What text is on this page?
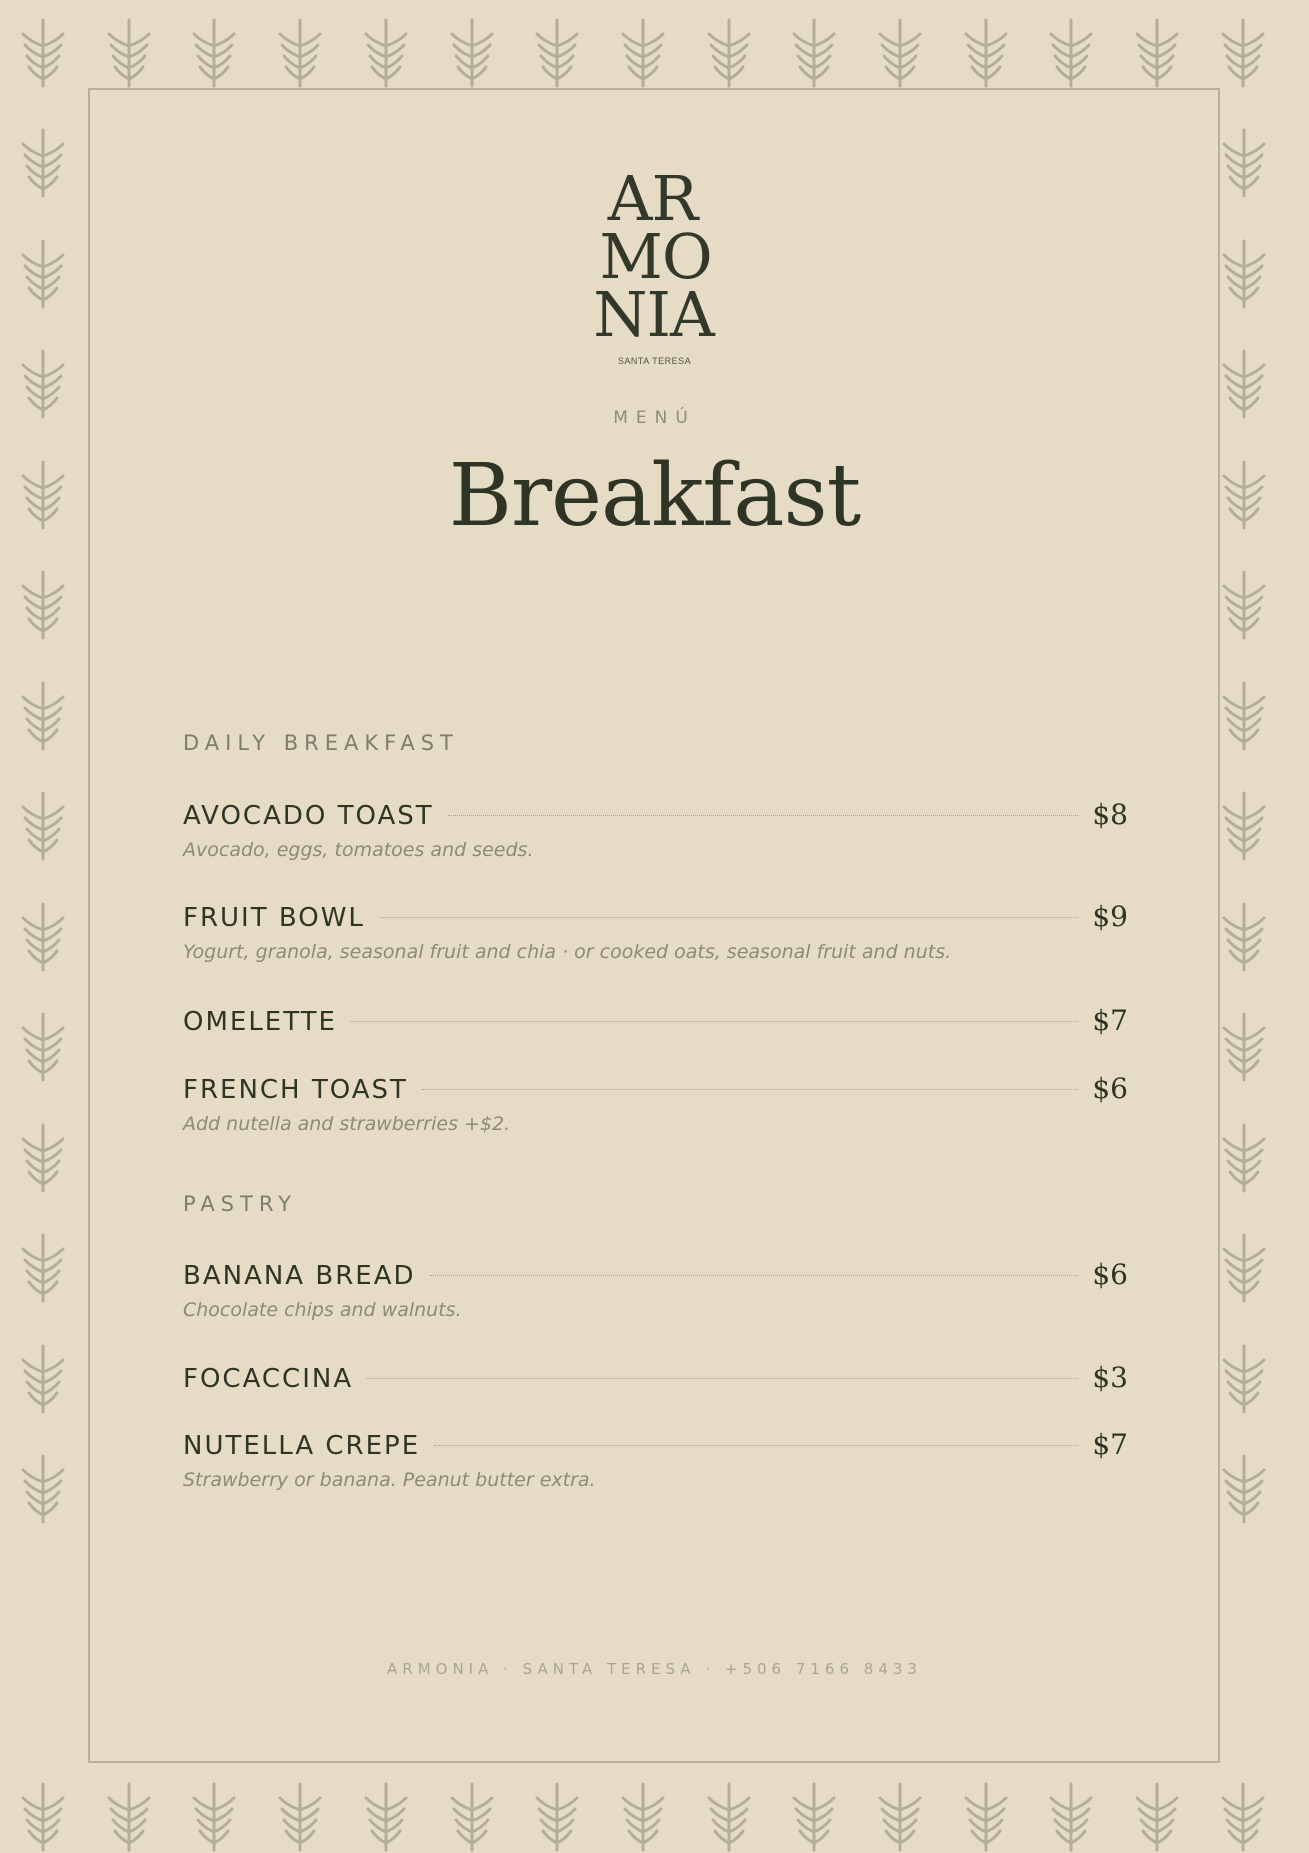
AR
MO
NIA
SANTA TERESA
MENÚ
Breakfast
DAILY BREAKFAST
AVOCADO TOAST	$8
Avocado, eggs, tomatoes and seeds.
FRUIT BOWL	$9
Yogurt, granola, seasonal fruit and chia · or cooked oats, seasonal fruit and nuts.
OMELETTE	$7
FRENCH TOAST	$6
Add nutella and strawberries +$2.
PASTRY
BANANA BREAD	$6
Chocolate chips and walnuts.
FOCACCINA	$3
NUTELLA CREPE	$7
Strawberry or banana. Peanut butter extra.
ARMONIA · SANTA TERESA · +506 7166 8433
